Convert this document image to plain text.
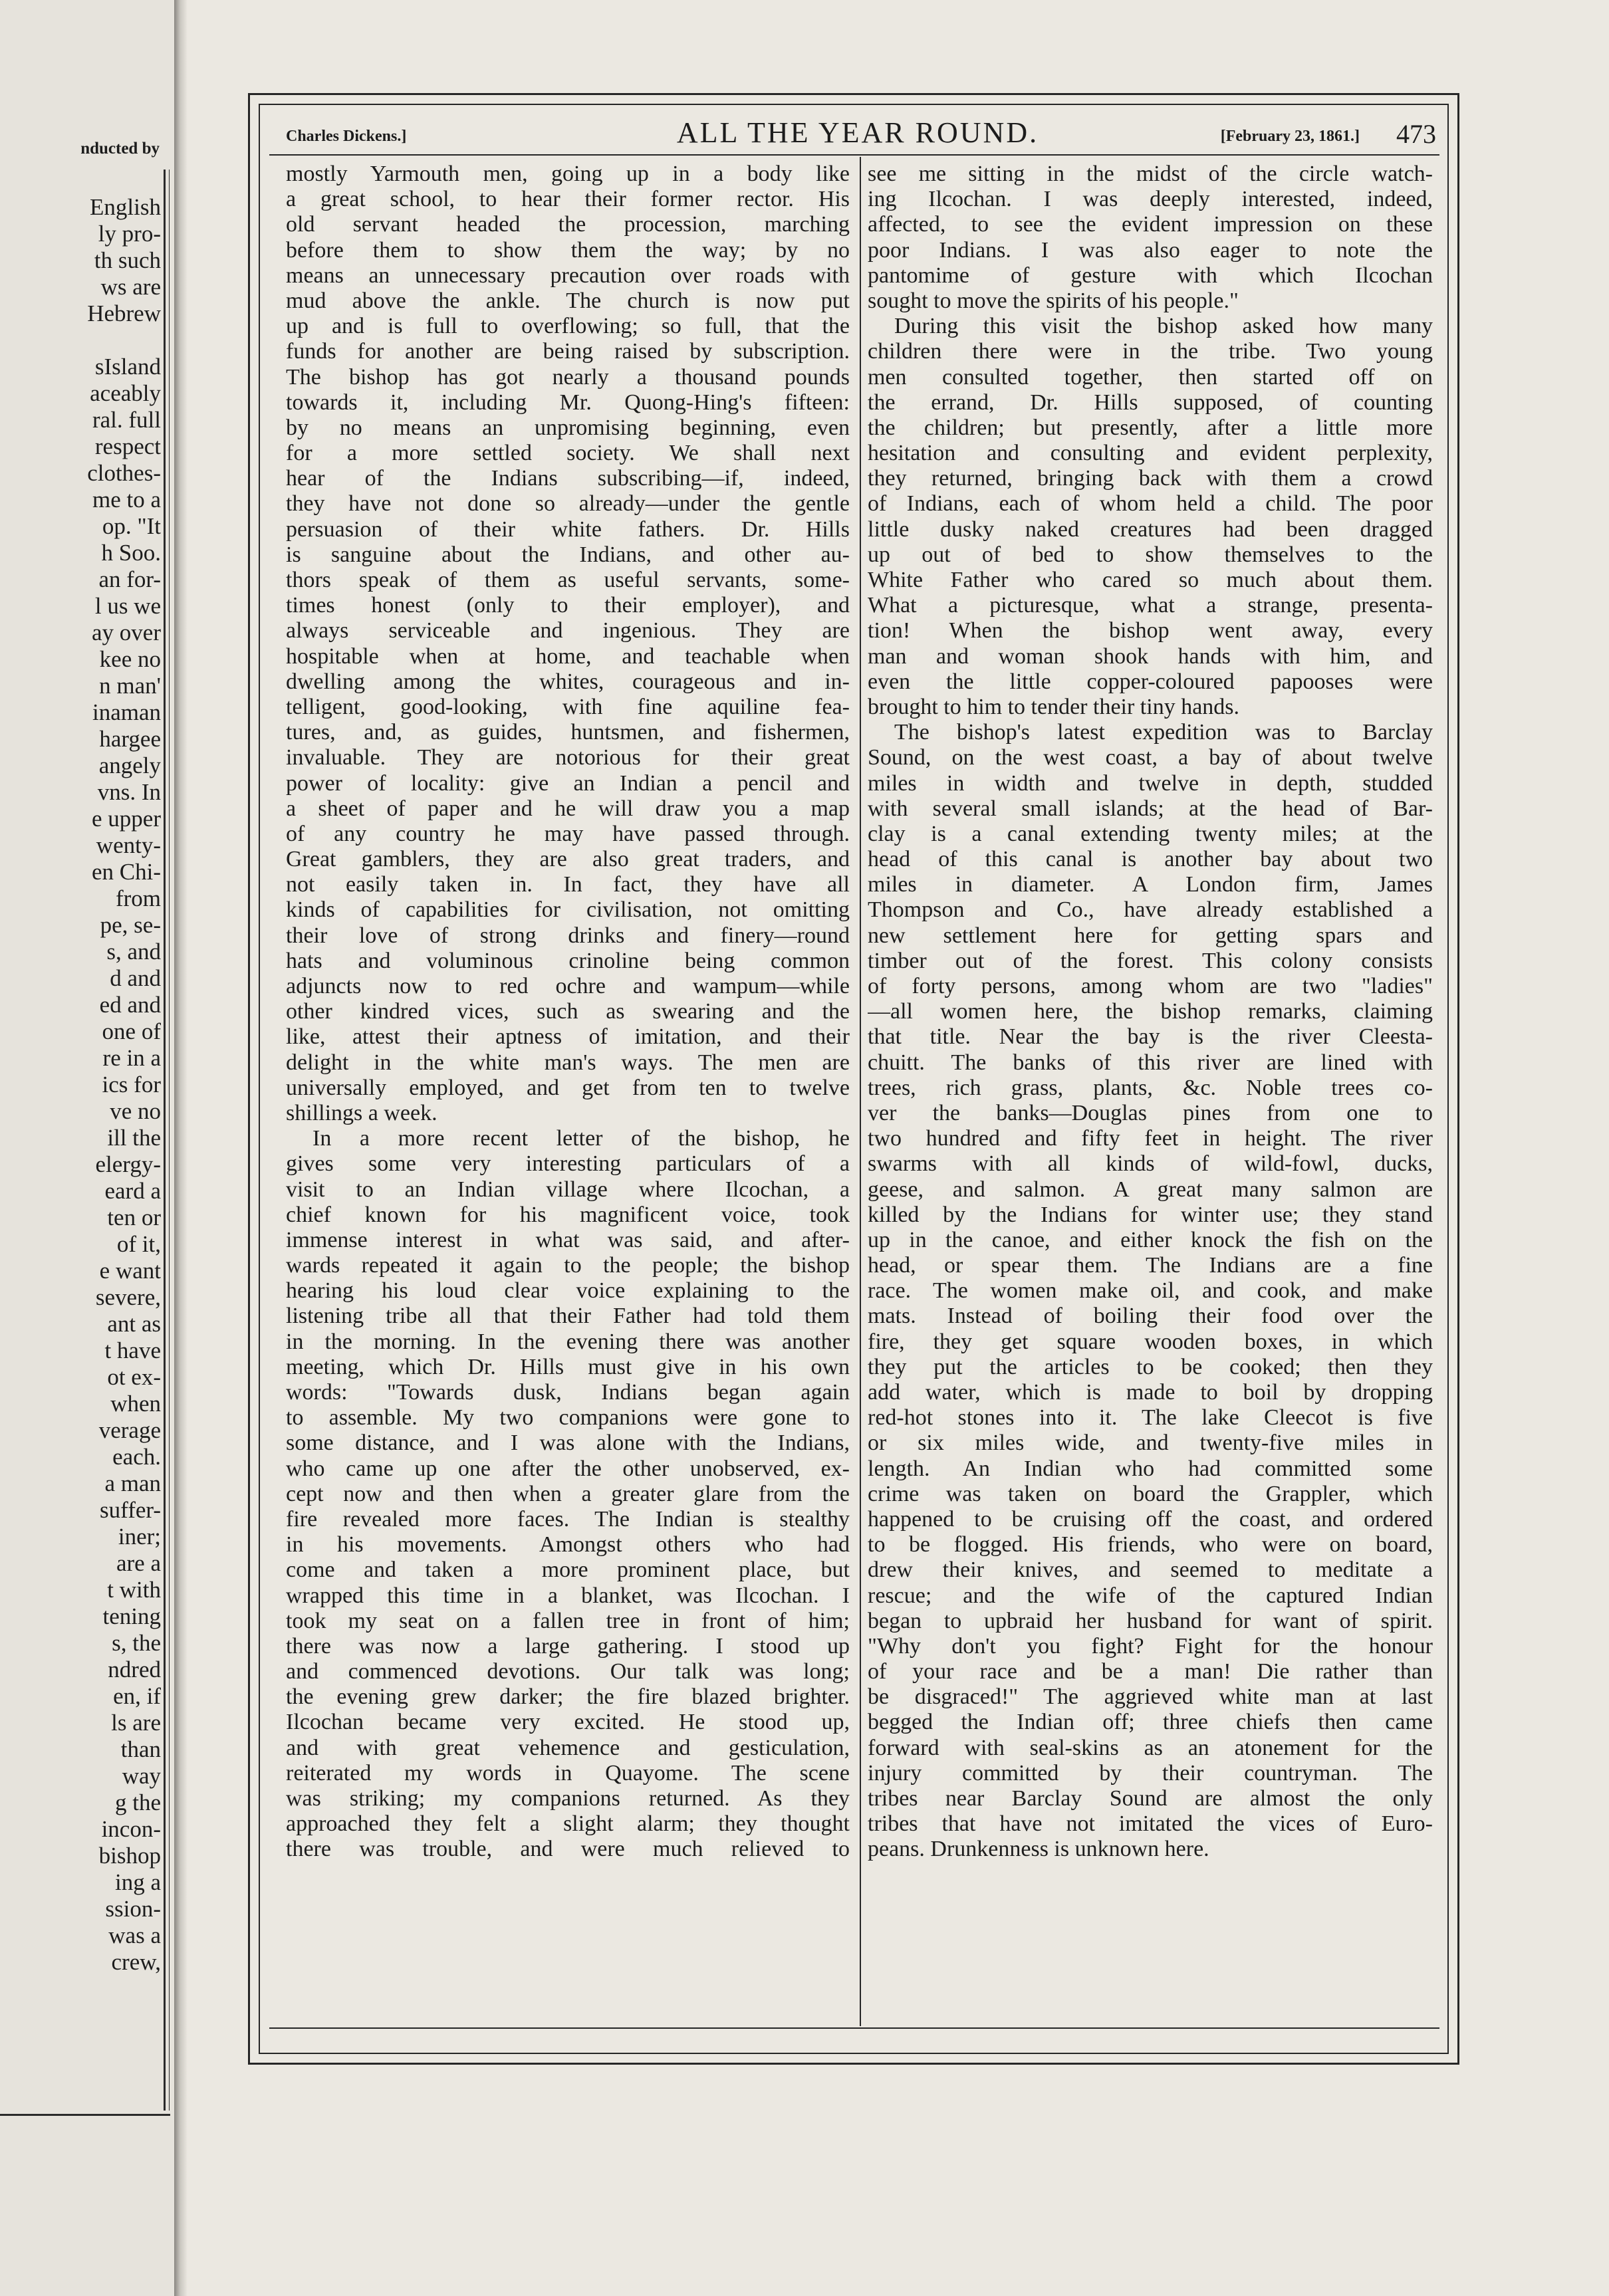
nducted by
English
ly pro-
th such
ws are
Hebrew
sIsland
aceably
ral. full
respect
clothes-
me to a
op. "It
h Soo.
an for-
l us we
ay over
kee no
n man'
inaman
hargee
angely
vns. In
e upper
wenty-
en Chi-
from
pe, se-
s, and
d and
ed and
one of
re in a
ics for
ve no
ill the
elergy-
eard a
ten or
of it,
e want
severe,
ant as
t have
ot ex-
when
verage
each.
a man
suffer-
iner;
are a
t with
tening
s, the
ndred
en, if
ls are
than
way
g the
incon-
bishop
ing a
ssion-
was a
crew,
Charles Dickens.]	ALL THE YEAR ROUND.	[February 23, 1861.] 473
mostly Yarmouth men, going up in a body like
a great school, to hear their former rector. His
old servant headed the procession, marching
before them to show them the way; by no
means an unnecessary precaution over roads with
mud above the ankle. The church is now put
up and is full to overflowing; so full, that the
funds for another are being raised by subscription.
The bishop has got nearly a thousand pounds
towards it, including Mr. Quong-Hing's fifteen:
by no means an unpromising beginning, even
for a more settled society. We shall next
hear of the Indians subscribing—if, indeed,
they have not done so already—under the gentle
persuasion of their white fathers. Dr. Hills
is sanguine about the Indians, and other au-
thors speak of them as useful servants, some-
times honest (only to their employer), and
always serviceable and ingenious. They are
hospitable when at home, and teachable when
dwelling among the whites, courageous and in-
telligent, good-looking, with fine aquiline fea-
tures, and, as guides, huntsmen, and fishermen,
invaluable. They are notorious for their great
power of locality: give an Indian a pencil and
a sheet of paper and he will draw you a map
of any country he may have passed through.
Great gamblers, they are also great traders, and
not easily taken in. In fact, they have all
kinds of capabilities for civilisation, not omitting
their love of strong drinks and finery—round
hats and voluminous crinoline being common
adjuncts now to red ochre and wampum—while
other kindred vices, such as swearing and the
like, attest their aptness of imitation, and their
delight in the white man's ways. The men are
universally employed, and get from ten to twelve
shillings a week.
In a more recent letter of the bishop, he
gives some very interesting particulars of a
visit to an Indian village where Ilcochan, a
chief known for his magnificent voice, took
immense interest in what was said, and after-
wards repeated it again to the people; the bishop
hearing his loud clear voice explaining to the
listening tribe all that their Father had told them
in the morning. In the evening there was another
meeting, which Dr. Hills must give in his own
words: "Towards dusk, Indians began again
to assemble. My two companions were gone to
some distance, and I was alone with the Indians,
who came up one after the other unobserved, ex-
cept now and then when a greater glare from the
fire revealed more faces. The Indian is stealthy
in his movements. Amongst others who had
come and taken a more prominent place, but
wrapped this time in a blanket, was Ilcochan. I
took my seat on a fallen tree in front of him;
there was now a large gathering. I stood up
and commenced devotions. Our talk was long;
the evening grew darker; the fire blazed brighter.
Ilcochan became very excited. He stood up,
and with great vehemence and gesticulation,
reiterated my words in Quayome. The scene
was striking; my companions returned. As they
approached they felt a slight alarm; they thought
there was trouble, and were much relieved to
see me sitting in the midst of the circle watch-
ing Ilcochan. I was deeply interested, indeed,
affected, to see the evident impression on these
poor Indians. I was also eager to note the
pantomime of gesture with which Ilcochan
sought to move the spirits of his people."
During this visit the bishop asked how many
children there were in the tribe. Two young
men consulted together, then started off on
the errand, Dr. Hills supposed, of counting
the children; but presently, after a little more
hesitation and consulting and evident perplexity,
they returned, bringing back with them a crowd
of Indians, each of whom held a child. The poor
little dusky naked creatures had been dragged
up out of bed to show themselves to the
White Father who cared so much about them.
What a picturesque, what a strange, presenta-
tion! When the bishop went away, every
man and woman shook hands with him, and
even the little copper-coloured papooses were
brought to him to tender their tiny hands.
The bishop's latest expedition was to Barclay
Sound, on the west coast, a bay of about twelve
miles in width and twelve in depth, studded
with several small islands; at the head of Bar-
clay is a canal extending twenty miles; at the
head of this canal is another bay about two
miles in diameter. A London firm, James
Thompson and Co., have already established a
new settlement here for getting spars and
timber out of the forest. This colony consists
of forty persons, among whom are two "ladies"
—all women here, the bishop remarks, claiming
that title. Near the bay is the river Cleesta-
chuitt. The banks of this river are lined with
trees, rich grass, plants, &c. Noble trees co-
ver the banks—Douglas pines from one to
two hundred and fifty feet in height. The river
swarms with all kinds of wild-fowl, ducks,
geese, and salmon. A great many salmon are
killed by the Indians for winter use; they stand
up in the canoe, and either knock the fish on the
head, or spear them. The Indians are a fine
race. The women make oil, and cook, and make
mats. Instead of boiling their food over the
fire, they get square wooden boxes, in which
they put the articles to be cooked; then they
add water, which is made to boil by dropping
red-hot stones into it. The lake Cleecot is five
or six miles wide, and twenty-five miles in
length. An Indian who had committed some
crime was taken on board the Grappler, which
happened to be cruising off the coast, and ordered
to be flogged. His friends, who were on board,
drew their knives, and seemed to meditate a
rescue; and the wife of the captured Indian
began to upbraid her husband for want of spirit.
"Why don't you fight? Fight for the honour
of your race and be a man! Die rather than
be disgraced!" The aggrieved white man at last
begged the Indian off; three chiefs then came
forward with seal-skins as an atonement for the
injury committed by their countryman. The
tribes near Barclay Sound are almost the only
tribes that have not imitated the vices of Euro-
peans. Drunkenness is unknown here.
